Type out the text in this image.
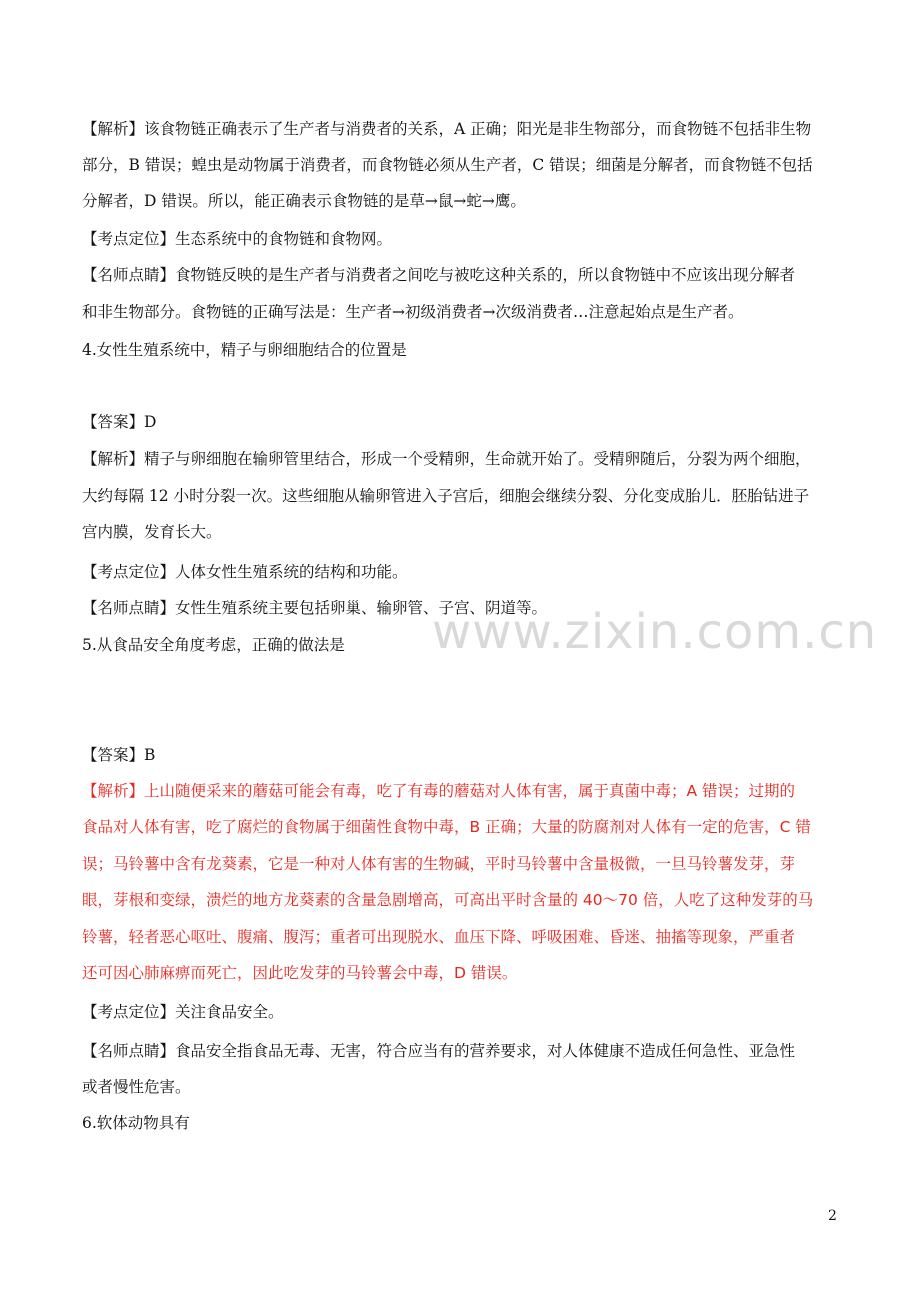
www.zixin.com.cn
【解析】该食物链正确表示了生产者与消费者的关系，A 正确；阳光是非生物部分，而食物链不包括非生物
部分，B 错误；蝗虫是动物属于消费者，而食物链必须从生产者，C 错误；细菌是分解者，而食物链不包括
分解者，D 错误。所以，能正确表示食物链的是草→鼠→蛇→鹰。
【考点定位】生态系统中的食物链和食物网。
【名师点睛】食物链反映的是生产者与消费者之间吃与被吃这种关系的，所以食物链中不应该出现分解者
和非生物部分。食物链的正确写法是：生产者→初级消费者→次级消费者…注意起始点是生产者。
4.女性生殖系统中，精子与卵细胞结合的位置是
【答案】D
【解析】精子与卵细胞在输卵管里结合，形成一个受精卵，生命就开始了。受精卵随后，分裂为两个细胞，
大约每隔 12 小时分裂一次。这些细胞从输卵管进入子宫后，细胞会继续分裂、分化变成胎儿．胚胎钻进子
宫内膜，发育长大。
【考点定位】人体女性生殖系统的结构和功能。
【名师点睛】女性生殖系统主要包括卵巢、输卵管、子宫、阴道等。
5.从食品安全角度考虑，正确的做法是
【答案】B
【解析】上山随便采来的蘑菇可能会有毒，吃了有毒的蘑菇对人体有害，属于真菌中毒；A 错误；过期的
食品对人体有害，吃了腐烂的食物属于细菌性食物中毒，B 正确；大量的防腐剂对人体有一定的危害，C 错
误；马铃薯中含有龙葵素，它是一种对人体有害的生物碱，平时马铃薯中含量极微，一旦马铃薯发芽，芽
眼，芽根和变绿，溃烂的地方龙葵素的含量急剧增高，可高出平时含量的 40～70 倍，人吃了这种发芽的马
铃薯，轻者恶心呕吐、腹痛、腹泻；重者可出现脱水、血压下降、呼吸困难、昏迷、抽搐等现象，严重者
还可因心肺麻痹而死亡，因此吃发芽的马铃薯会中毒，D 错误。
【考点定位】关注食品安全。
【名师点睛】食品安全指食品无毒、无害，符合应当有的营养要求，对人体健康不造成任何急性、亚急性
或者慢性危害。
6.软体动物具有
2
